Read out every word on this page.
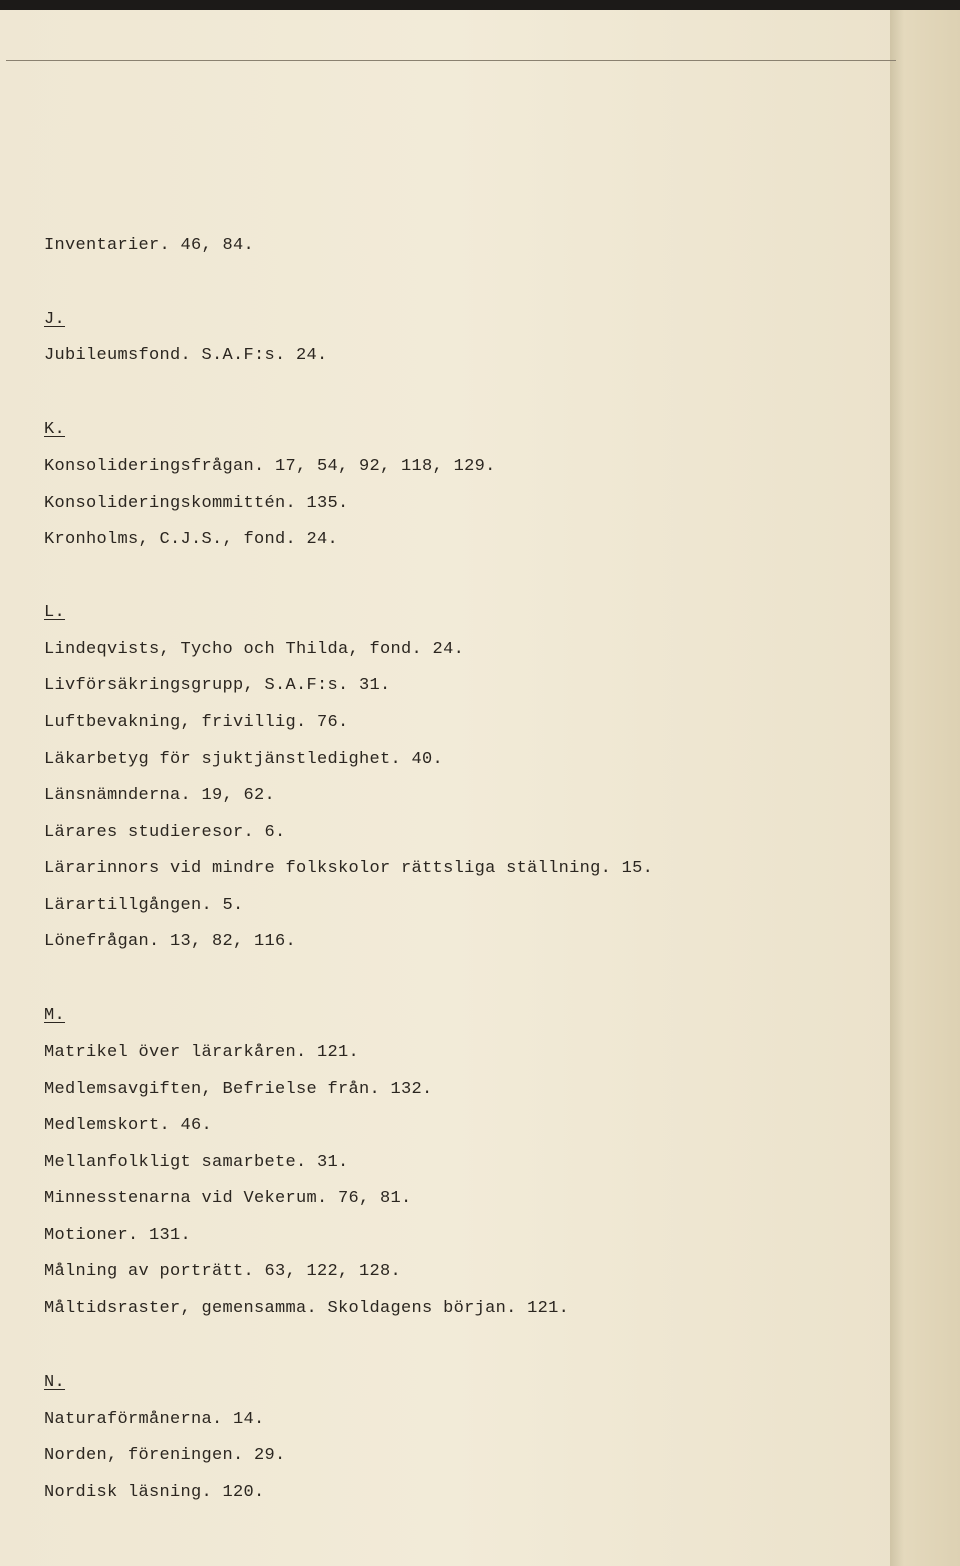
Inventarier. 46, 84.
J.
Jubileumsfond. S.A.F:s. 24.
K.
Konsolideringsfrågan. 17, 54, 92, 118, 129.
Konsolideringskommittén. 135.
Kronholms, C.J.S., fond. 24.
L.
Lindeqvists, Tycho och Thilda, fond. 24.
Livförsäkringsgrupp, S.A.F:s. 31.
Luftbevakning, frivillig. 76.
Läkarbetyg för sjuktjänstledighet. 40.
Länsnämnderna. 19, 62.
Lärares studieresor. 6.
Lärarinnors vid mindre folkskolor rättsliga ställning. 15.
Lärartillgången. 5.
Lönefrågan. 13, 82, 116.
M.
Matrikel över lärarkåren. 121.
Medlemsavgiften, Befrielse från. 132.
Medlemskort. 46.
Mellanfolkligt samarbete. 31.
Minnesstenarna vid Vekerum. 76, 81.
Motioner. 131.
Målning av porträtt. 63, 122, 128.
Måltidsraster, gemensamma. Skoldagens början. 121.
N.
Naturaförmånerna. 14.
Norden, föreningen. 29.
Nordisk läsning. 120.
